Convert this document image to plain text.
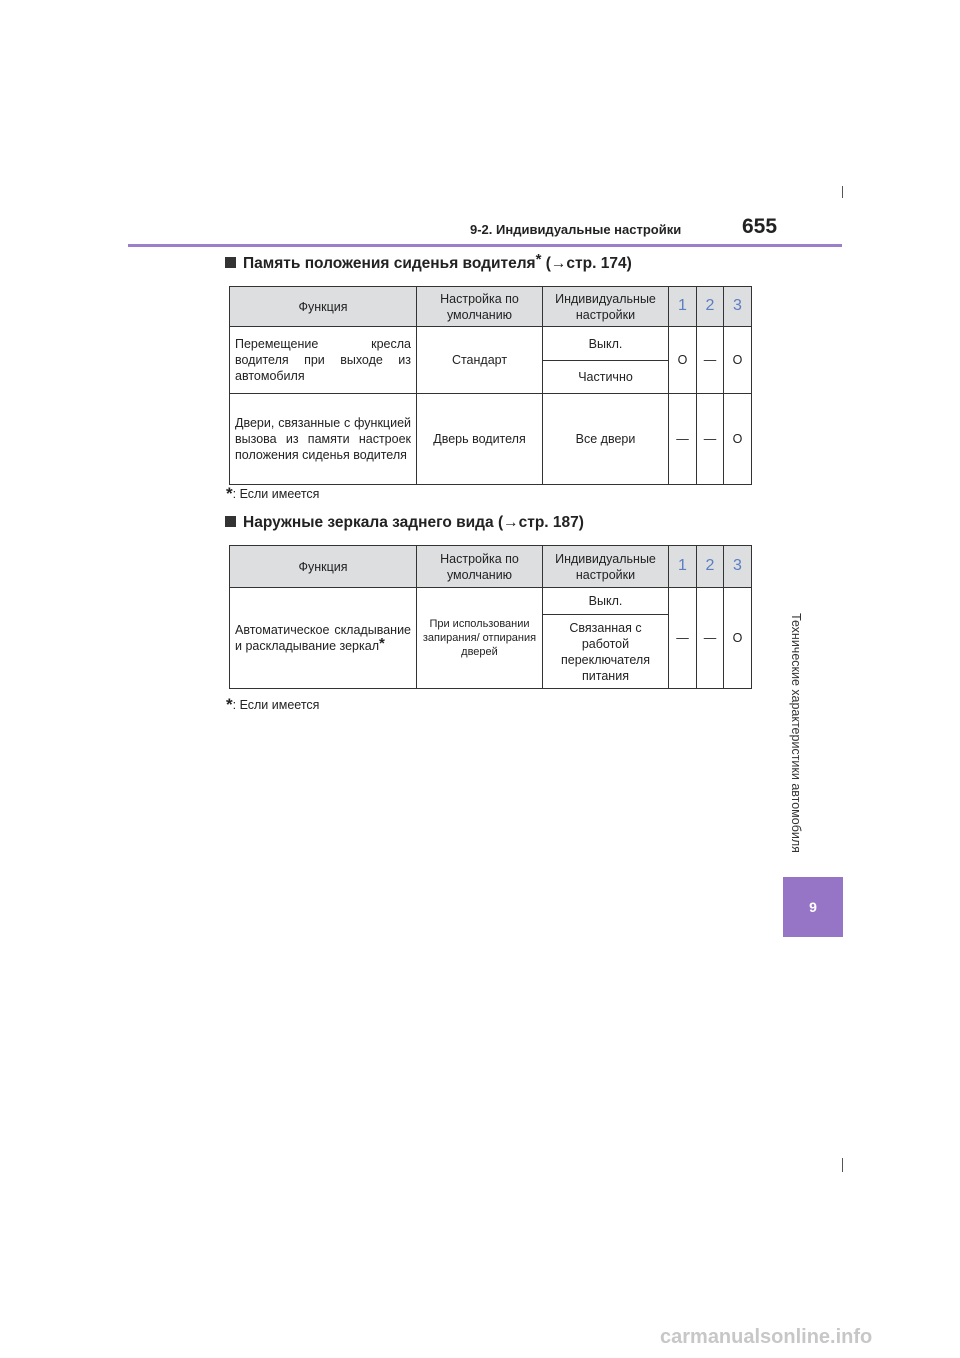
9-2. Индивидуальные настройки	655
Технические характеристики автомобиля
9
Память положения сиденья водителя* (→стр. 174)
Функция	Настройка по умолчанию	Индивидуальные настройки	1	2	3
Перемещение кресла водителя при выходе из автомобиля	Стандарт	Выкл.	O	—	O
		Частично			
Двери, связанные с функцией вызова из памяти настроек положения сиденья водителя	Дверь водителя	Все двери	—	—	O
*: Если имеется
Наружные зеркала заднего вида (→стр. 187)
Функция	Настройка по умолчанию	Индивидуальные настройки	1	2	3
Автоматическое складывание и раскладывание зеркал*	При использовании запирания/ отпирания дверей	Выкл.	—	—	O
		Связанная с работой переключателя питания			
*: Если имеется
carmanualsonline.info
